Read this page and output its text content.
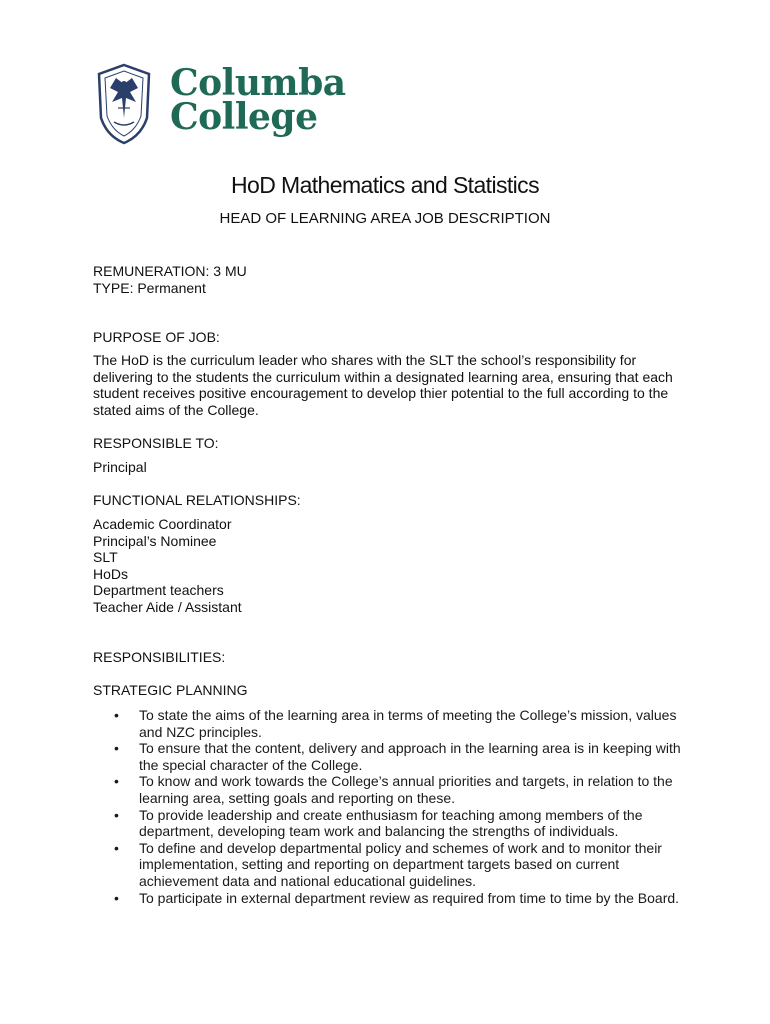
Columba
College
HoD Mathematics and Statistics
HEAD OF LEARNING AREA JOB DESCRIPTION

REMUNERATION: 3 MU

TYPE: Permanent

PURPOSE OF JOB:
The HoD is the curriculum leader who shares with the SLT the school’s responsibility for delivering to the students the curriculum within a designated learning area, ensuring that each student receives positive encouragement to develop thier potential to the full according to the stated aims of the College.
RESPONSIBLE TO:
Principal
FUNCTIONAL RELATIONSHIPS:

Academic Coordinator

Principal’s Nominee

SLT

HoDs

Department teachers

Teacher Aide / Assistant

RESPONSIBILITIES:
STRATEGIC PLANNING
• To state the aims of the learning area in terms of meeting the College’s mission, values and NZC principles.
• To ensure that the content, delivery and approach in the learning area is in keeping with the special character of the College.
• To know and work towards the College’s annual priorities and targets, in relation to the learning area, setting goals and reporting on these.
• To provide leadership and create enthusiasm for teaching among members of the department, developing team work and balancing the strengths of individuals.
• To define and develop departmental policy and schemes of work and to monitor their implementation, setting and reporting on department targets based on current achievement data and national educational guidelines.
• To participate in external department review as required from time to time by the Board.
